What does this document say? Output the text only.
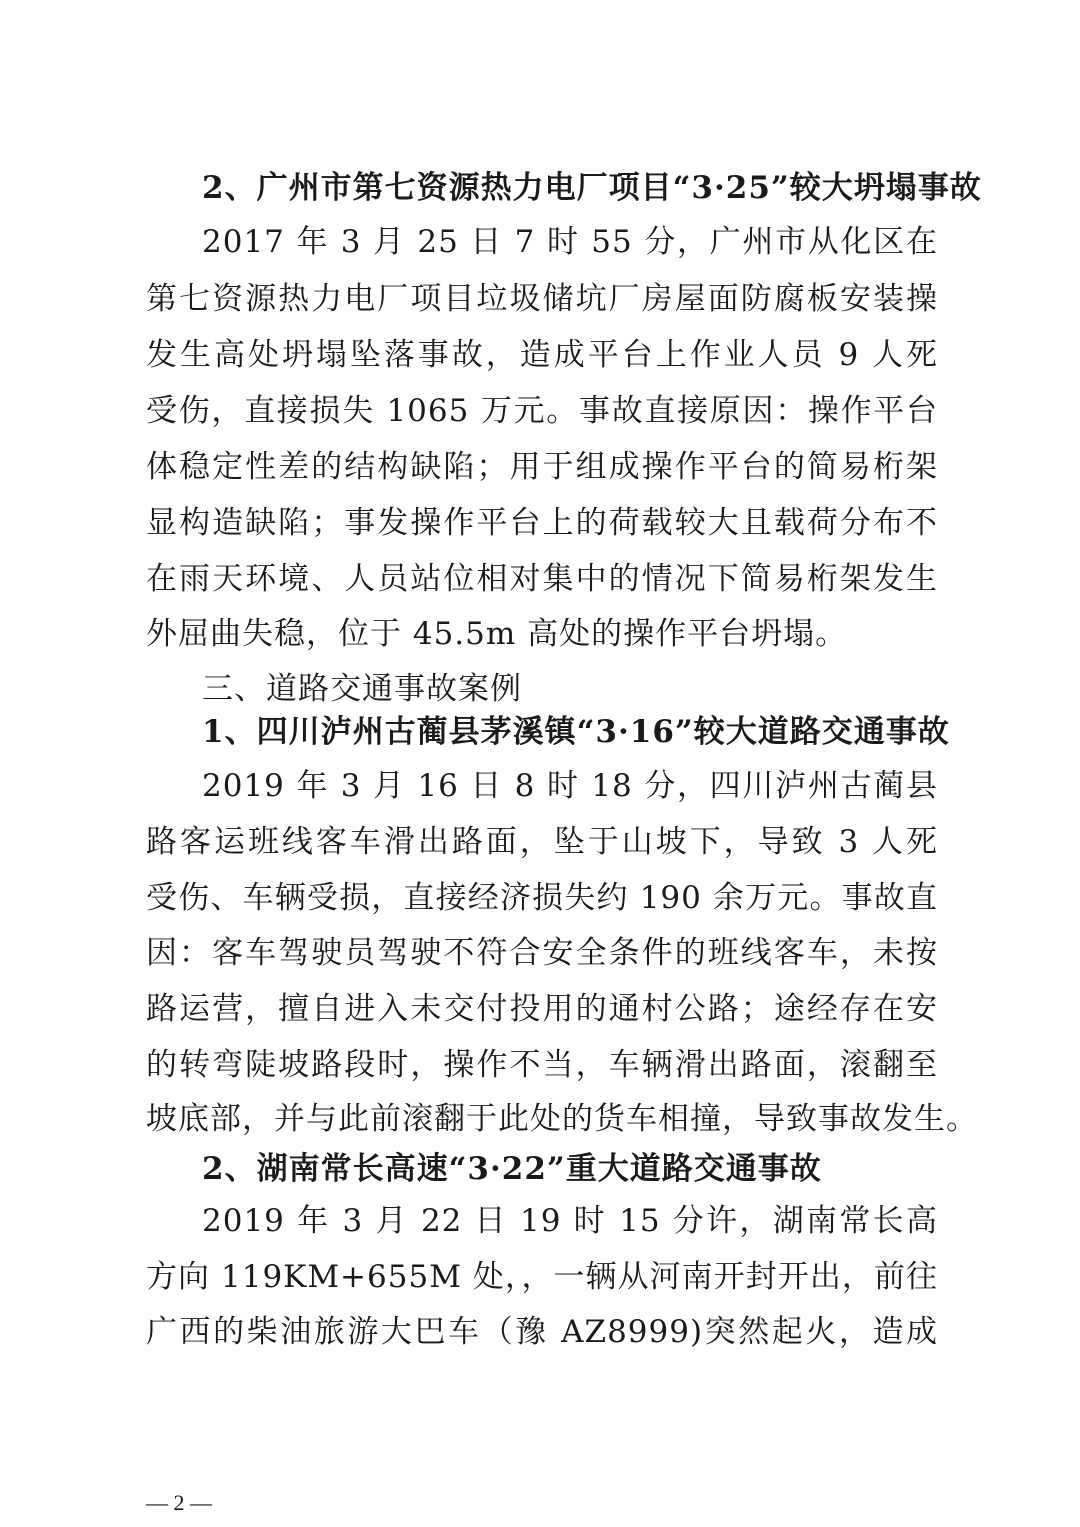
2、广州市第七资源热力电厂项目“3·25”较大坍塌事故
2017 年 3 月 25 日 7 时 55 分，广州市从化区在
第七资源热力电厂项目垃圾储坑厂房屋面防腐板安装操
发生高处坍塌坠落事故，造成平台上作业人员 9 人死
受伤，直接损失 1065 万元。事故直接原因：操作平台
体稳定性差的结构缺陷；用于组成操作平台的简易桁架
显构造缺陷；事发操作平台上的荷载较大且载荷分布不
在雨天环境、人员站位相对集中的情况下简易桁架发生
外屈曲失稳，位于 45.5m 高处的操作平台坍塌。
三、道路交通事故案例
1、四川泸州古蔺县茅溪镇“3·16”较大道路交通事故
2019 年 3 月 16 日 8 时 18 分，四川泸州古蔺县
路客运班线客车滑出路面，坠于山坡下，导致 3 人死
受伤、车辆受损，直接经济损失约 190 余万元。事故直
因：客车驾驶员驾驶不符合安全条件的班线客车，未按
路运营，擅自进入未交付投用的通村公路；途经存在安
的转弯陡坡路段时，操作不当，车辆滑出路面，滚翻至
坡底部，并与此前滚翻于此处的货车相撞，导致事故发生。
2、湖南常长高速“3·22”重大道路交通事故
2019 年 3 月 22 日 19 时 15 分许，湖南常长高
方向 119KM+655M 处，，一辆从河南开封开出，前往
广西的柴油旅游大巴车（豫 AZ8999)突然起火，造成
— 2 —
